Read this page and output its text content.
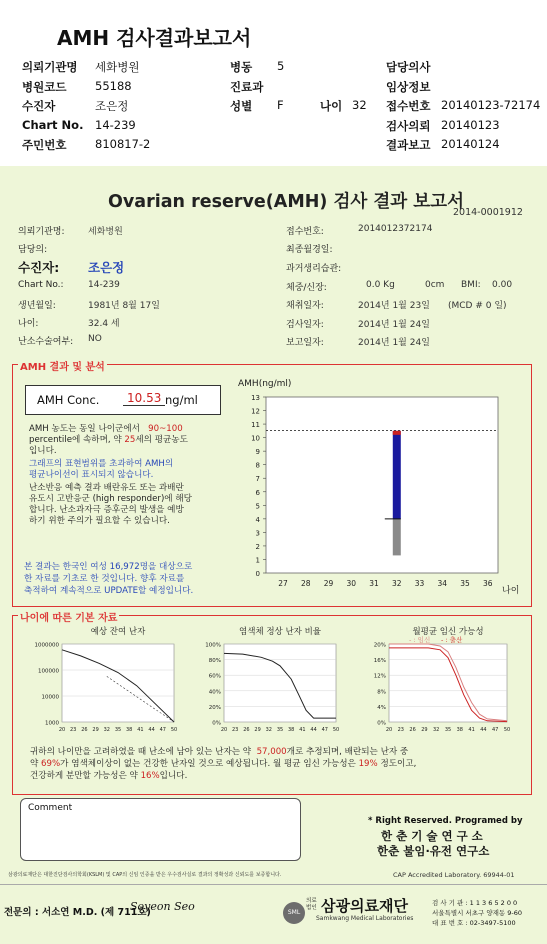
AMH 검사결과보고서
의뢰기관명 세화병원
병원코드 55188
수진자	조은정
Chart No. 14-239
주민번호 810817-2
병동 5
진료과
성별 F	나이 32
담당의사
임상정보
접수번호 20140123-72174
검사의뢰 20140123
결과보고 20140124
Ovarian reserve(AMH) 검사 결과 보고서
2014-0001912
의뢰기관명:	세화병원
담당의:
수진자: 조은정
Chart No.:	14-239
생년월일:	1981년 8월 17일
나이:	32.4 세
난소수술여부: NO
접수번호:	2014012372174
최종월경일:
과거생리습관:
체중/신장:	0.0 Kg	0cm BMI: 0.00
채취일자:	2014년 1월 23일 (MCD # 0 일)
검사일자:	2014년 1월 24일
보고일자:	2014년 1월 24일
AMH 결과 및 분석
AMH Conc.	10.53 ng/ml
AMH 농도는 동일 나이군에서 90~100
percentile에 속하며, 약 25세의 평균농도
입니다.
그래프의 표현범위를 초과하여 AMH의
평균나이선이 표시되지 않습니다.
난소반응 예측 결과 배란유도 또는 과배란
유도시 고반응군 (high responder)에 해당
합니다. 난소과자극 증후군의 발생을 예방
하기 위한 주의가 필요할 수 있습니다.
본 결과는 한국인 여성 16,972명을 대상으로
한 자료를 기초로 한 것입니다. 향후 자료를
축적하여 계속적으로 UPDATE할 예정입니다.
AMH(ng/ml)
0
1
2
3
4
5
6
7
8
9
10
11
12
13
27 28 29 30 31 32 33 34 35 36
나이
나이에 따른 기본 자료
예상 잔여 난자
1000000
100000
10000
1000
20 23 26 29 32 35 38 41 44 47 50
염색체 정상 난자 비율
100%
80%
60%
40%
20%
0%
20 23 26 29 32 35 38 41 44 47 50
월평균 임신 가능성
20%
16%
12%
8%
4%
0%
20 23 26 29 32 35 38 41 44 47 50
- : 임신 - : 출산
귀하의 나이만을 고려하였을 때 난소에 남아 있는 난자는 약 57,000개로 추정되며, 배란되는 난자 중
약 69%가 염색체이상이 없는 건강한 난자일 것으로 예상됩니다. 월 평균 임신 가능성은 19% 정도이고,
건강하게 분만할 가능성은 약 16%입니다.
Comment
* Right Reserved. Programed by
한 춘 기 술 연 구 소
한춘 불임·유전 연구소
삼광의료재단은 대한진단검사의학회(KSLM) 및 CAP의 신임 인증을 받은 우수검사실로 결과의 정확성과 신뢰도를 보증합니다.	CAP Accredited Laboratory. 69944-01
전문의 : 서소연 M.D. (제 711호)
Soyeon Seo	SML
의료법인 삼광의료재단
Samkwang Medical Laboratories
검 사 기 관 : 1 1 3 6 5 2 0 0
서울특별시 서초구 양재동 9-60
대 표 번 호 : 02-3497-5100
